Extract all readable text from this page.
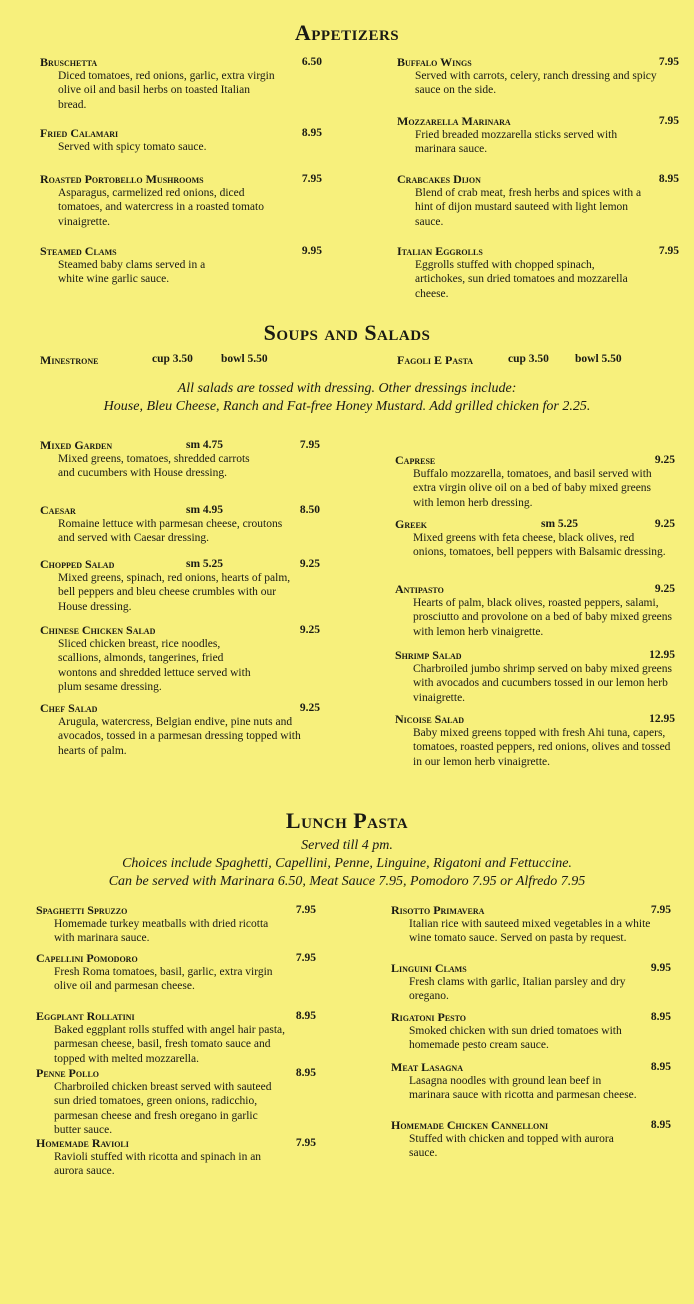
Appetizers
Bruschetta	6.50
Diced tomatoes, red onions, garlic, extra virgin olive oil and basil herbs on toasted Italian bread.
Fried Calamari	8.95
Served with spicy tomato sauce.
Roasted Portobello Mushrooms	7.95
Asparagus, carmelized red onions, diced tomatoes, and watercress in a roasted tomato vinaigrette.
Steamed Clams	9.95
Steamed baby clams served in a white wine garlic sauce.
Buffalo Wings	7.95
Served with carrots, celery, ranch dressing and spicy sauce on the side.
Mozzarella Marinara	7.95
Fried breaded mozzarella sticks served with marinara sauce.
Crabcakes Dijon	8.95
Blend of crab meat, fresh herbs and spices with a hint of dijon mustard sauteed with light lemon sauce.
Italian Eggrolls	7.95
Eggrolls stuffed with chopped spinach, artichokes, sun dried tomatoes and mozzarella cheese.
Soups and Salads
Minestrone	cup 3.50 bowl 5.50	Fagoli E Pasta	cup 3.50 bowl 5.50
All salads are tossed with dressing. Other dressings include:
House, Bleu Cheese, Ranch and Fat-free Honey Mustard. Add grilled chicken for 2.25.
Mixed Garden	sm 4.75	7.95
Mixed greens, tomatoes, shredded carrots and cucumbers with House dressing.
Caesar	sm 4.95	8.50
Romaine lettuce with parmesan cheese, croutons and served with Caesar dressing.
Chopped Salad	sm 5.25	9.25
Mixed greens, spinach, red onions, hearts of palm, bell peppers and bleu cheese crumbles with our House dressing.
Chinese Chicken Salad	9.25
Sliced chicken breast, rice noodles, scallions, almonds, tangerines, fried wontons and shredded lettuce served with plum sesame dressing.
Chef Salad	9.25
Arugula, watercress, Belgian endive, pine nuts and avocados, tossed in a parmesan dressing topped with hearts of palm.
Caprese	9.25
Buffalo mozzarella, tomatoes, and basil served with extra virgin olive oil on a bed of baby mixed greens with lemon herb dressing.
Greek	sm 5.25	9.25
Mixed greens with feta cheese, black olives, red onions, tomatoes, bell peppers with Balsamic dressing.
Antipasto	9.25
Hearts of palm, black olives, roasted peppers, salami, prosciutto and provolone on a bed of baby mixed greens with lemon herb vinaigrette.
Shrimp Salad	12.95
Charbroiled jumbo shrimp served on baby mixed greens with avocados and cucumbers tossed in our lemon herb vinaigrette.
Nicoise Salad	12.95
Baby mixed greens topped with fresh Ahi tuna, capers, tomatoes, roasted peppers, red onions, olives and tossed in our lemon herb vinaigrette.
Lunch Pasta
Served till 4 pm.
Choices include Spaghetti, Capellini, Penne, Linguine, Rigatoni and Fettuccine.
Can be served with Marinara 6.50, Meat Sauce 7.95, Pomodoro 7.95 or Alfredo 7.95
Spaghetti Spruzzo	7.95
Homemade turkey meatballs with dried ricotta with marinara sauce.
Capellini Pomodoro	7.95
Fresh Roma tomatoes, basil, garlic, extra virgin olive oil and parmesan cheese.
Eggplant Rollatini	8.95
Baked eggplant rolls stuffed with angel hair pasta, parmesan cheese, basil, fresh tomato sauce and topped with melted mozzarella.
Penne Pollo	8.95
Charbroiled chicken breast served with sauteed sun dried tomatoes, green onions, radicchio, parmesan cheese and fresh oregano in garlic butter sauce.
Homemade Ravioli	7.95
Ravioli stuffed with ricotta and spinach in an aurora sauce.
Risotto Primavera	7.95
Italian rice with sauteed mixed vegetables in a white wine tomato sauce. Served on pasta by request.
Linguini Clams	9.95
Fresh clams with garlic, Italian parsley and dry oregano.
Rigatoni Pesto	8.95
Smoked chicken with sun dried tomatoes with homemade pesto cream sauce.
Meat Lasagna	8.95
Lasagna noodles with ground lean beef in marinara sauce with ricotta and parmesan cheese.
Homemade Chicken Cannelloni	8.95
Stuffed with chicken and topped with aurora sauce.
